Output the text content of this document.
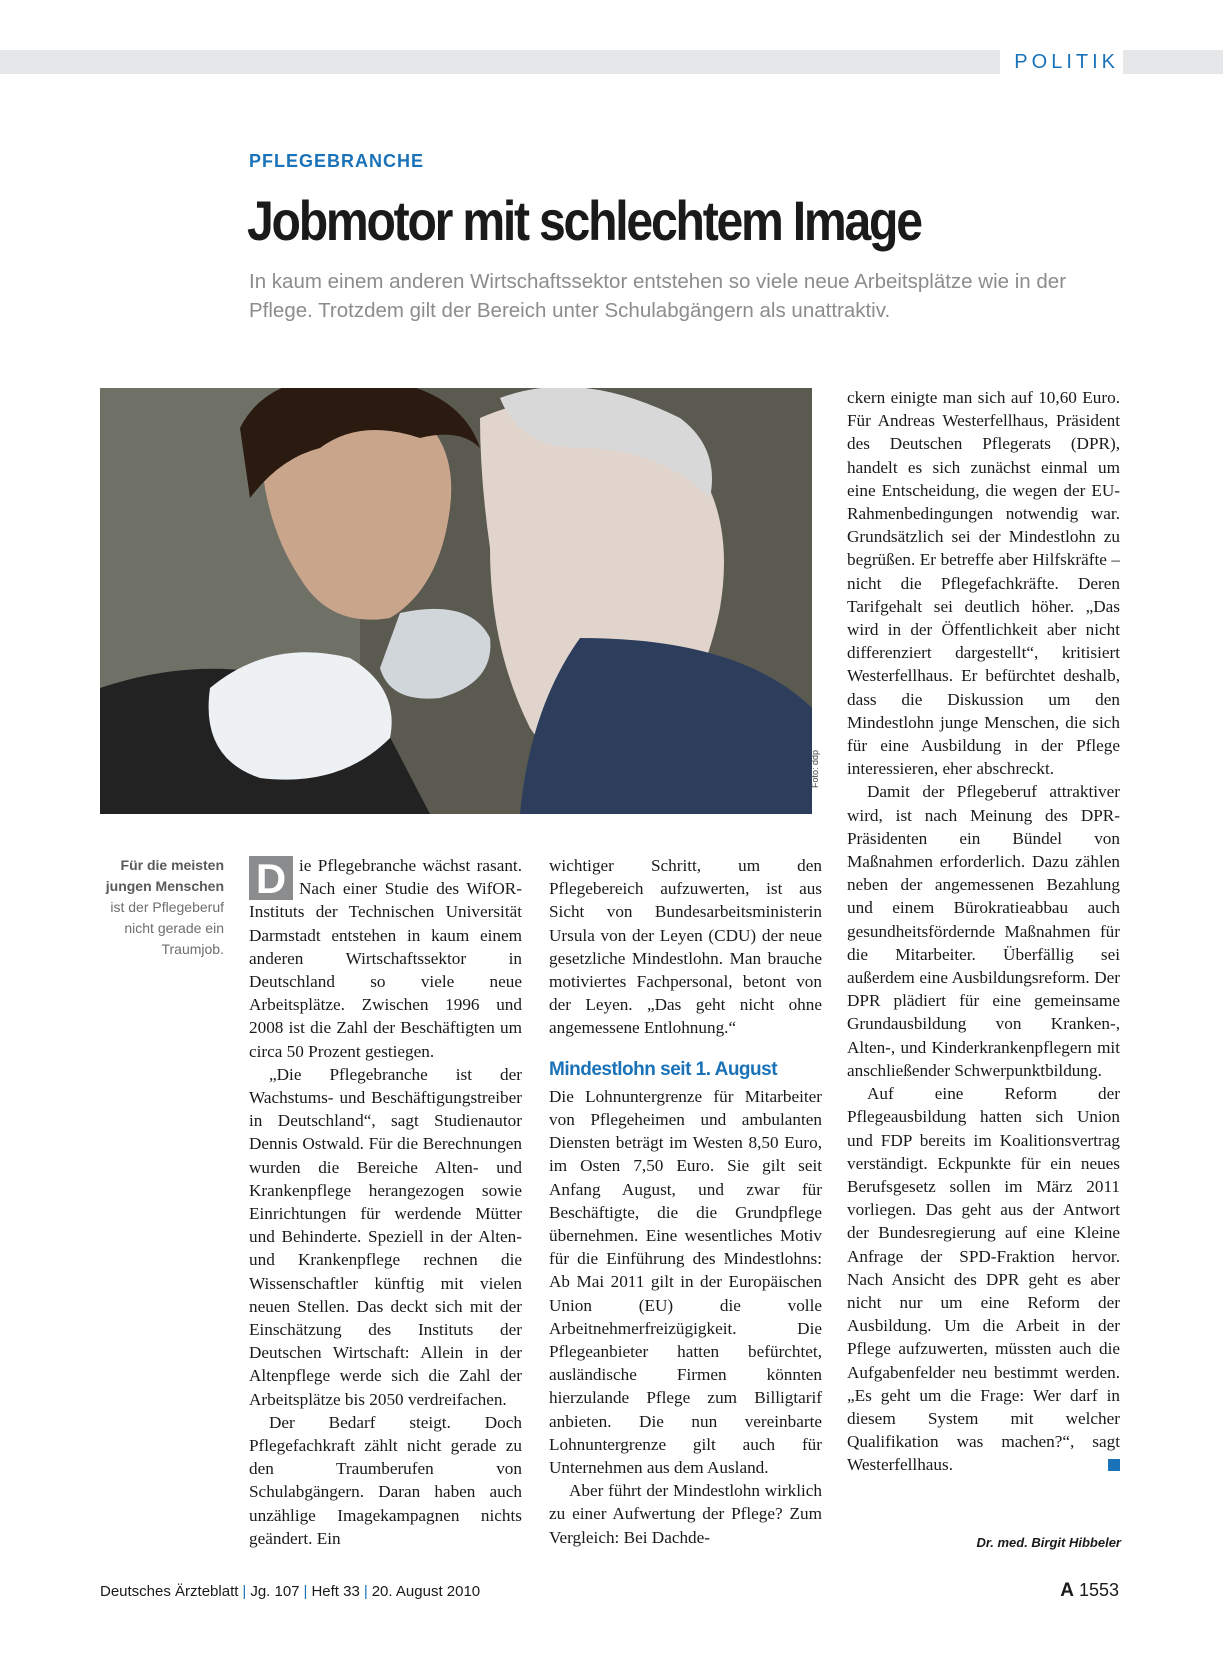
POLITIK
PFLEGEBRANCHE
Jobmotor mit schlechtem Image
In kaum einem anderen Wirtschaftssektor entstehen so viele neue Arbeitsplätze wie in der Pflege. Trotzdem gilt der Bereich unter Schulabgängern als unattraktiv.
Foto: ddp
Für die meisten jungen Menschen ist der Pflegeberuf nicht gerade ein Traumjob.

D ie Pflegebranche wächst rasant. Nach einer Studie des WifOR-Instituts der Technischen Universität Darmstadt entstehen in kaum einem anderen Wirtschaftssektor in Deutschland so viele neue Arbeitsplätze. Zwischen 1996 und 2008 ist die Zahl der Beschäftigten um circa 50 Prozent gestiegen.

„Die Pflegebranche ist der Wachstums- und Beschäftigungstreiber in Deutschland“, sagt Studienautor Dennis Ostwald. Für die Berechnungen wurden die Bereiche Alten- und Krankenpflege herangezogen sowie Einrichtungen für werdende Mütter und Behinderte. Speziell in der Alten- und Krankenpflege rechnen die Wissenschaftler künftig mit vielen neuen Stellen. Das deckt sich mit der Einschätzung des Instituts der Deutschen Wirtschaft: Allein in der Altenpflege werde sich die Zahl der Arbeitsplätze bis 2050 verdreifachen.

Der Bedarf steigt. Doch Pflegefachkraft zählt nicht gerade zu den Traumberufen von Schulabgängern. Daran haben auch unzählige Imagekampagnen nichts geändert. Ein

wichtiger Schritt, um den Pflegebereich aufzuwerten, ist aus Sicht von Bundesarbeitsministerin Ursula von der Leyen (CDU) der neue gesetzliche Mindestlohn. Man brauche motiviertes Fachpersonal, betont von der Leyen. „Das geht nicht ohne angemessene Entlohnung.“

Mindestlohn seit 1. August

Die Lohnuntergrenze für Mitarbeiter von Pflegeheimen und ambulanten Diensten beträgt im Westen 8,50 Euro, im Osten 7,50 Euro. Sie gilt seit Anfang August, und zwar für Beschäftigte, die die Grundpflege übernehmen. Eine wesentliches Motiv für die Einführung des Mindestlohns: Ab Mai 2011 gilt in der Europäischen Union (EU) die volle Arbeitnehmerfreizügigkeit. Die Pflegeanbieter hatten befürchtet, ausländische Firmen könnten hierzulande Pflege zum Billigtarif anbieten. Die nun vereinbarte Lohnuntergrenze gilt auch für Unternehmen aus dem Ausland.

Aber führt der Mindestlohn wirklich zu einer Aufwertung der Pflege? Zum Vergleich: Bei Dachde-

ckern einigte man sich auf 10,60 Euro. Für Andreas Westerfellhaus, Präsident des Deutschen Pflegerats (DPR), handelt es sich zunächst einmal um eine Entscheidung, die wegen der EU-Rahmenbedingungen notwendig war. Grundsätzlich sei der Mindestlohn zu begrüßen. Er betreffe aber Hilfskräfte – nicht die Pflegefachkräfte. Deren Tarifgehalt sei deutlich höher. „Das wird in der Öffentlichkeit aber nicht differenziert dargestellt“, kritisiert Westerfellhaus. Er befürchtet deshalb, dass die Diskussion um den Mindestlohn junge Menschen, die sich für eine Ausbildung in der Pflege interessieren, eher abschreckt.

Damit der Pflegeberuf attraktiver wird, ist nach Meinung des DPR-Präsidenten ein Bündel von Maßnahmen erforderlich. Dazu zählen neben der angemessenen Bezahlung und einem Bürokratieabbau auch gesundheitsfördernde Maßnahmen für die Mitarbeiter. Überfällig sei außerdem eine Ausbildungsreform. Der DPR plädiert für eine gemeinsame Grundausbildung von Kranken-, Alten-, und Kinderkrankenpflegern mit anschließender Schwerpunktbildung.

Auf eine Reform der Pflegeausbildung hatten sich Union und FDP bereits im Koalitionsvertrag verständigt. Eckpunkte für ein neues Berufsgesetz sollen im März 2011 vorliegen. Das geht aus der Antwort der Bundesregierung auf eine Kleine Anfrage der SPD-Fraktion hervor. Nach Ansicht des DPR geht es aber nicht nur um eine Reform der Ausbildung. Um die Arbeit in der Pflege aufzuwerten, müssten auch die Aufgabenfelder neu bestimmt werden. „Es geht um die Frage: Wer darf in diesem System mit welcher Qualifikation was machen?“, sagt Westerfellhaus.

Dr. med. Birgit Hibbeler
Deutsches Ärzteblatt | Jg. 107 | Heft 33 | 20. August 2010	A 1553
